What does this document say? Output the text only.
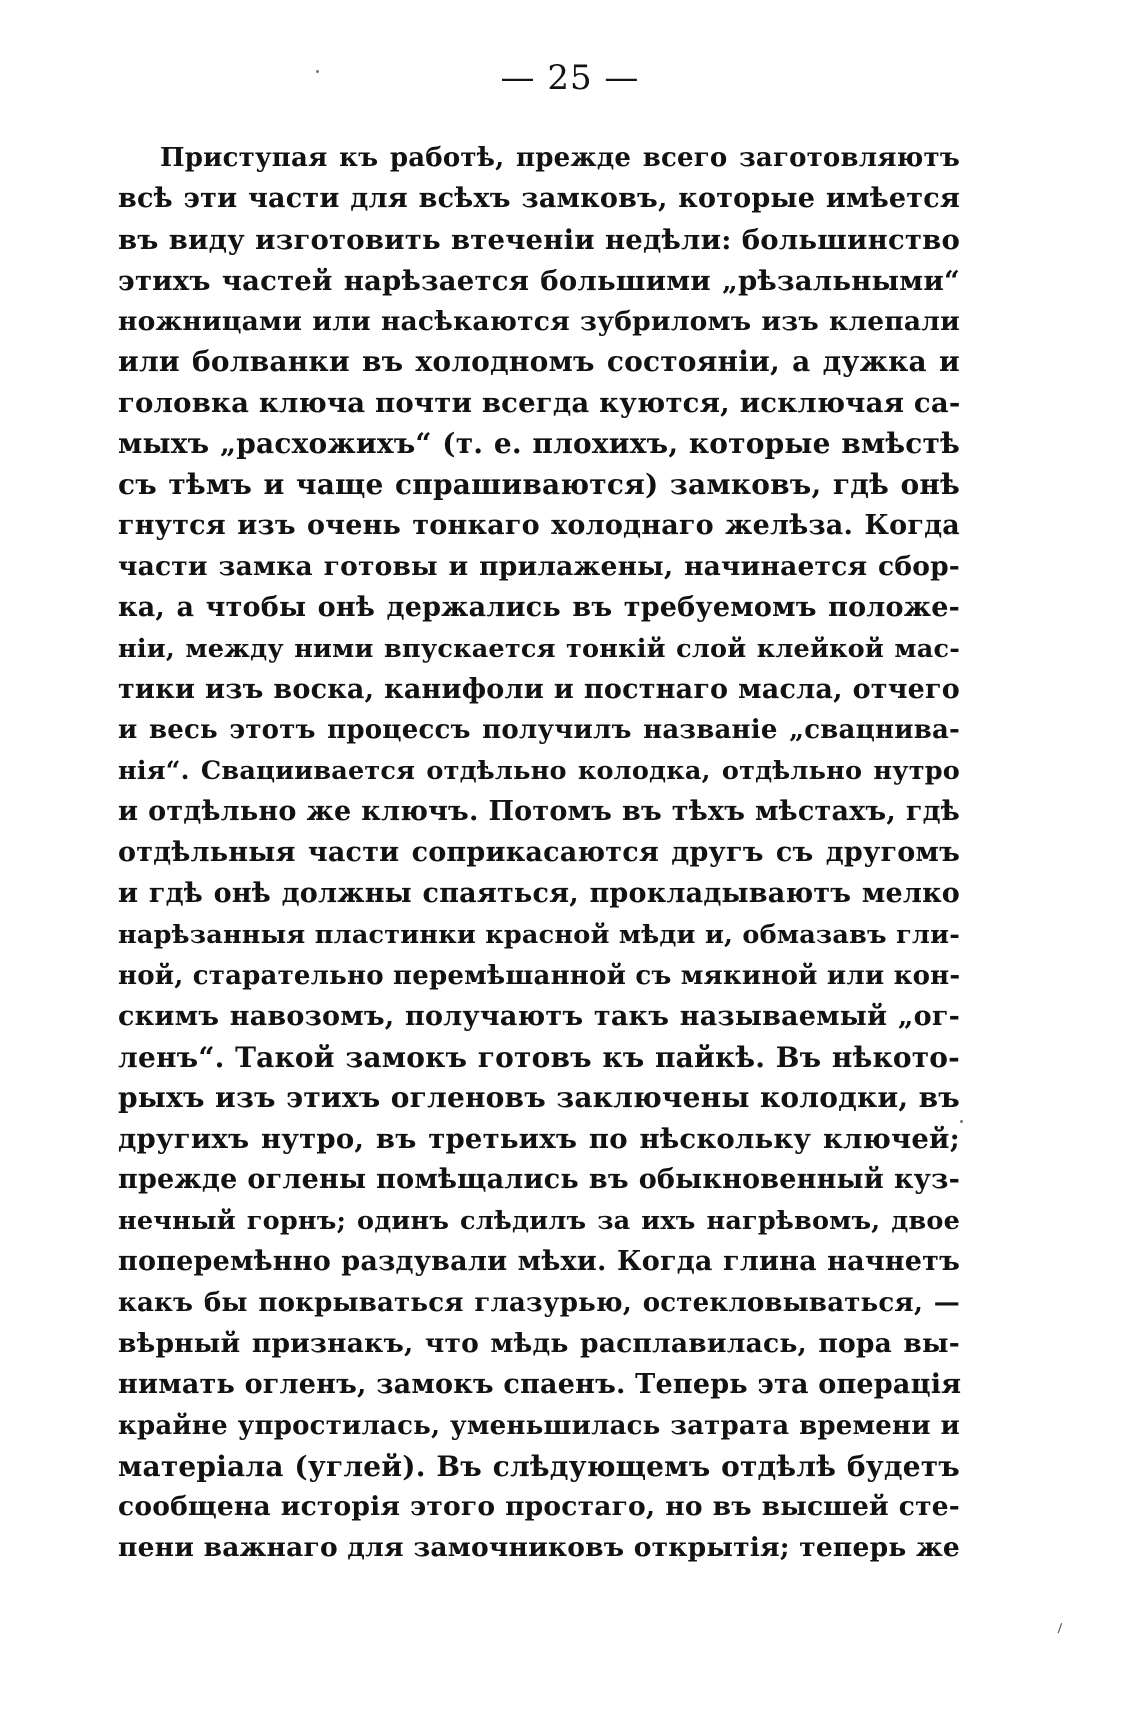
— 25 —
Приступая къ работѣ, прежде всего заготовляютъ
всѣ эти части для всѣхъ замковъ, которые имѣется
въ виду изготовить втеченіи недѣли: большинство
этихъ частей нарѣзается большими „рѣзальными“
ножницами или насѣкаются зубриломъ изъ клепали
или болванки въ холодномъ состояніи, а дужка и
головка ключа почти всегда куются, исключая са-
мыхъ „расхожихъ“ (т. е. плохихъ, которые вмѣстѣ
съ тѣмъ и чаще спрашиваются) замковъ, гдѣ онѣ
гнутся изъ очень тонкаго холоднаго желѣза. Когда
части замка готовы и прилажены, начинается сбор-
ка, а чтобы онѣ держались въ требуемомъ положе-
ніи, между ними впускается тонкій слой клейкой мас-
тики изъ воска, канифоли и постнаго масла, отчего
и весь этотъ процессъ получилъ названіе „свацнива-
нія“. Свациивается отдѣльно колодка, отдѣльно нутро
и отдѣльно же ключъ. Потомъ въ тѣхъ мѣстахъ, гдѣ
отдѣльныя части соприкасаются другъ съ другомъ
и гдѣ онѣ должны спаяться, прокладываютъ мелко
нарѣзанныя пластинки красной мѣди и, обмазавъ гли-
ной, старательно перемѣшанной съ мякиной или кон-
скимъ навозомъ, получаютъ такъ называемый „ог-
ленъ“. Такой замокъ готовъ къ пайкѣ. Въ нѣкото-
рыхъ изъ этихъ огленовъ заключены колодки, въ
другихъ нутро, въ третьихъ по нѣскольку ключей;
прежде оглены помѣщались въ обыкновенный куз-
нечный горнъ; одинъ слѣдилъ за ихъ нагрѣвомъ, двое
поперемѣнно раздували мѣхи. Когда глина начнетъ
какъ бы покрываться глазурью, остекловываться, —
вѣрный признакъ, что мѣдь расплавилась, пора вы-
нимать огленъ, замокъ спаенъ. Теперь эта операція
крайне упростилась, уменьшилась затрата времени и
матеріала (углей). Въ слѣдующемъ отдѣлѣ будетъ
сообщена исторія этого простаго, но въ высшей сте-
пени важнаго для замочниковъ открытія; теперь же
⸝
